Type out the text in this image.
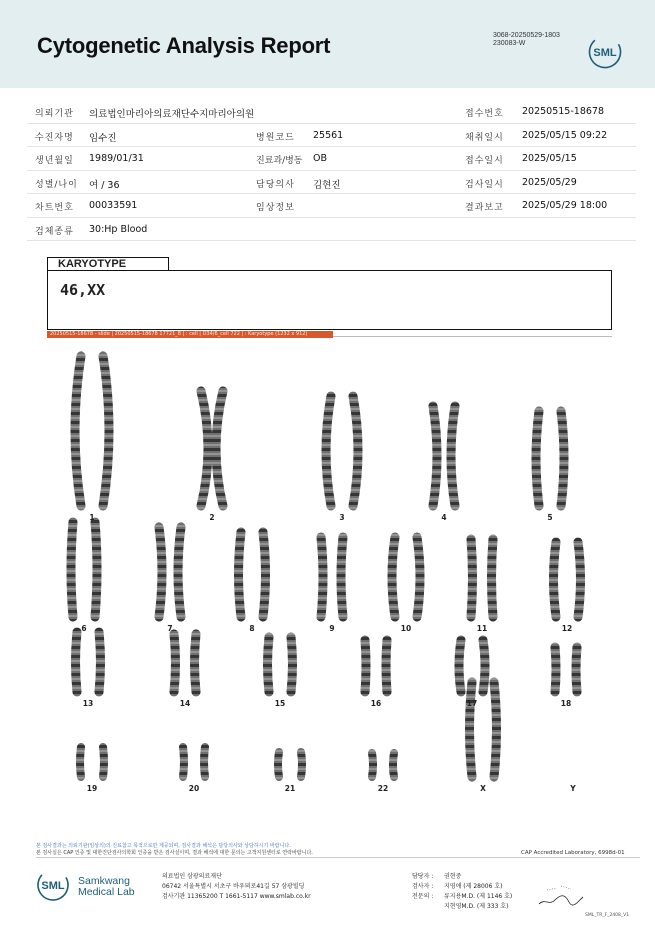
Cytogenetic Analysis Report	3068-20250529-1803
230083-W
SML
의뢰기관 의료법인마리아의료재단수지마리아의원	접수번호 20250515-18678
수진자명 임수진	병원코드 25561	채취일시 2025/05/15 09:22
생년월일 1989/01/31	진료과/병동 OB	접수일시 2025/05/15
성별/나이 여 / 36	담당의사 김현진	검사일시 2025/05/29
차트번호 00033591	임상정보	결과보고 2025/05/29 18:00
검체종류 30:Hp Blood
KARYOTYPE
46,XX
20250515-18678 - slide | 20250515-18678 17721_8 | : cell | D34/6_cell 722 | : Karyotype (1232 x 912)
1	2	3	4	5
6	7	8	9	10	11	12
13	14	15	16	17	18
19	20	21	22	X	Y
본 검사결과는 의뢰기관(임상의)의 진료참고 목적으로만 제공되며, 검사결과 해석은 담당의사와 상담하시기 바랍니다.
본 검사실은 CAP 인증 및 대한진단검사의학회 인증을 받은 검사실이며, 결과 해석에 대한 문의는 고객지원센터로 연락바랍니다.	CAP Accredited Laboratory, 6998d-01
SML Samkwang
Medical Lab
의료법인 삼광의료재단
06742 서울특별시 서초구 바우뫼로41길 57 삼광빌딩
검사기관 11365200 T 1661-5117 www.smlab.co.kr
담당자 :	권현중
검사자 :	지영애 (제 28006 호)
전문의 :	류지용M.D. (제 1146 호)
지현영M.D. (제 333 호)
SML_TR_F_2408_V1
